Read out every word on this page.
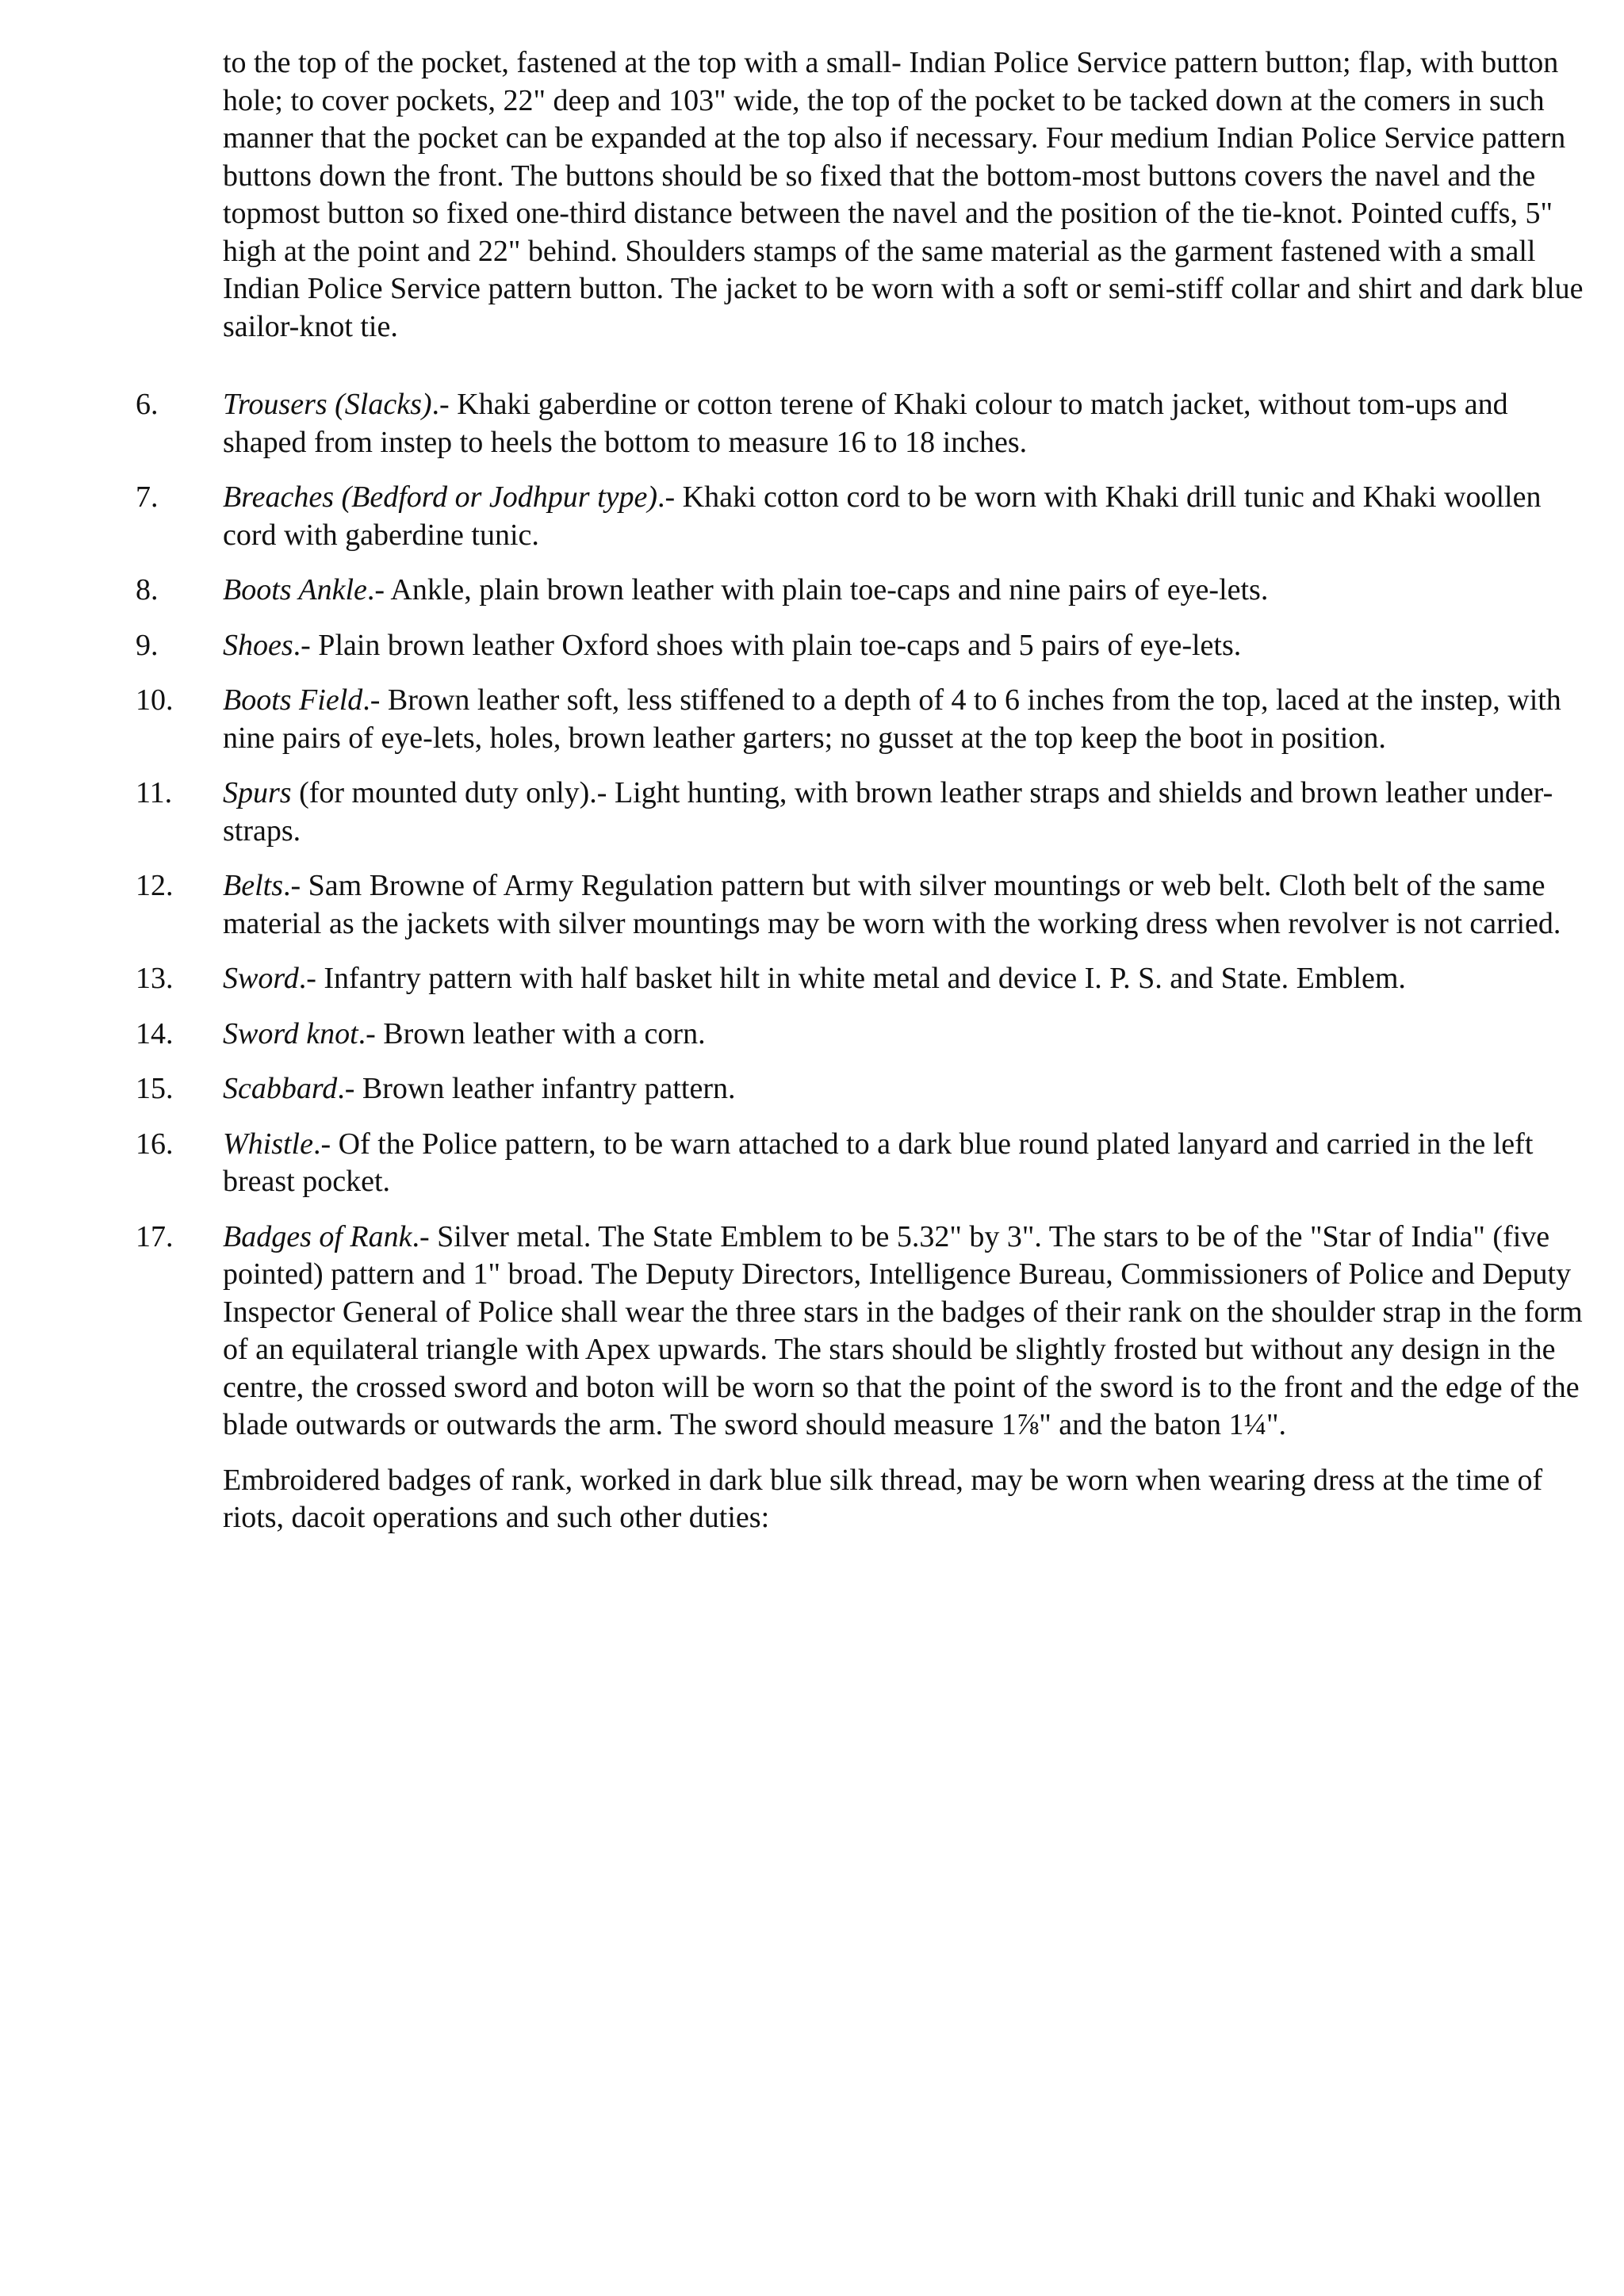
to the top of the pocket, fastened at the top with a small- Indian Police Service pattern button; flap, with button hole; to cover pockets, 22" deep and 103" wide, the top of the pocket to be tacked down at the comers in such manner that the pocket can be expanded at the top also if necessary. Four medium Indian Police Service pattern buttons down the front. The buttons should be so fixed that the bottom-most buttons covers the navel and the topmost button so fixed one-third distance between the navel and the position of the tie-knot. Pointed cuffs, 5" high at the point and 22" behind. Shoulders stamps of the same material as the garment fastened with a small Indian Police Service pattern button. The jacket to be worn with a soft or semi-stiff collar and shirt and dark blue sailor-knot tie.

6. Trousers (Slacks).- Khaki gaberdine or cotton terene of Khaki colour to match jacket, without tom-ups and shaped from instep to heels the bottom to measure 16 to 18 inches.
7. Breaches (Bedford or Jodhpur type).- Khaki cotton cord to be worn with Khaki drill tunic and Khaki woollen cord with gaberdine tunic.
8. Boots Ankle.- Ankle, plain brown leather with plain toe-caps and nine pairs of eye-lets.
9. Shoes.- Plain brown leather Oxford shoes with plain toe-caps and 5 pairs of eye-lets.
10. Boots Field.- Brown leather soft, less stiffened to a depth of 4 to 6 inches from the top, laced at the instep, with nine pairs of eye-lets, holes, brown leather garters; no gusset at the top keep the boot in position.
11. Spurs (for mounted duty only).- Light hunting, with brown leather straps and shields and brown leather under-straps.
12. Belts.- Sam Browne of Army Regulation pattern but with silver mountings or web belt. Cloth belt of the same material as the jackets with silver mountings may be worn with the working dress when revolver is not carried.
13. Sword.- Infantry pattern with half basket hilt in white metal and device I. P. S. and State. Emblem.
14. Sword knot.- Brown leather with a corn.
15. Scabbard.- Brown leather infantry pattern.
16. Whistle.- Of the Police pattern, to be warn attached to a dark blue round plated lanyard and carried in the left breast pocket.
17. Badges of Rank.- Silver metal. The State Emblem to be 5.32" by 3". The stars to be of the "Star of India" (five pointed) pattern and 1" broad. The Deputy Directors, Intelligence Bureau, Commissioners of Police and Deputy Inspector General of Police shall wear the three stars in the badges of their rank on the shoulder strap in the form of an equilateral triangle with Apex upwards. The stars should be slightly frosted but without any design in the centre, the crossed sword and boton will be worn so that the point of the sword is to the front and the edge of the blade outwards or outwards the arm. The sword should measure 1⅞" and the baton 1¼".

Embroidered badges of rank, worked in dark blue silk thread, may be worn when wearing dress at the time of riots, dacoit operations and such other duties:
